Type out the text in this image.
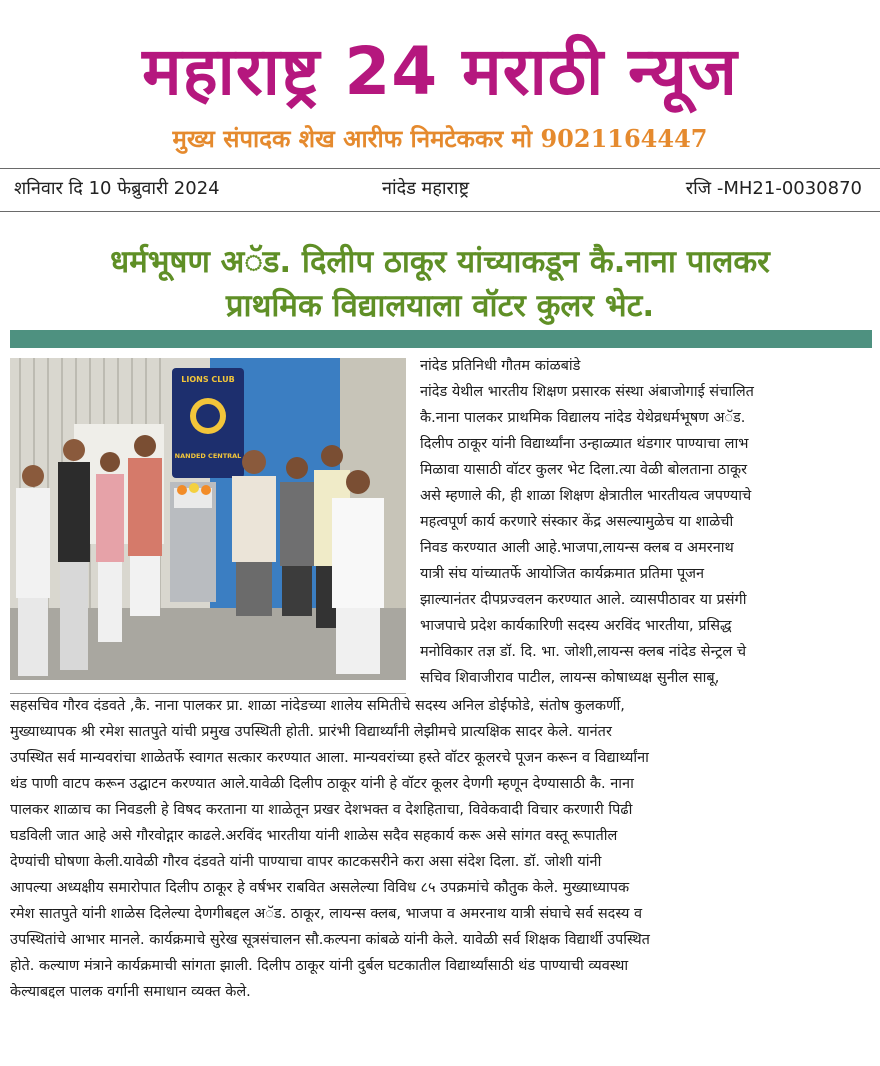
महाराष्ट्र 24 मराठी न्यूज
मुख्य संपादक शेख आरीफ निमटेककर मो 9021164447
शनिवार दि 10 फेब्रुवारी 2024	नांदेड महाराष्ट्र	रजि -MH21-0030870
धर्मभूषण अॅड. दिलीप ठाकूर यांच्याकडून कै.नाना पालकर
प्राथमिक विद्यालयाला वॉटर कुलर भेट.
LIONS CLUB
NANDED CENTRAL
नांदेड प्रतिनिधी गौतम कांळबांडे
नांदेड येथील भारतीय शिक्षण प्रसारक संस्था अंबाजोगाई संचालित
कै.नाना पालकर प्राथमिक विद्यालय नांदेड येथेव्रधर्मभूषण अॅड.
दिलीप ठाकूर यांनी विद्यार्थ्यांना उन्हाळ्यात थंडगार पाण्याचा लाभ
मिळावा यासाठी वॉटर कुलर भेट दिला.त्या वेळी बोलताना ठाकूर
असे म्हणाले की, ही शाळा शिक्षण क्षेत्रातील भारतीयत्व जपण्याचे
महत्वपूर्ण कार्य करणारे संस्कार केंद्र असल्यामुळेच या शाळेची
निवड करण्यात आली आहे.भाजपा,लायन्स क्लब व अमरनाथ
यात्री संघ यांच्यातर्फे आयोजित कार्यक्रमात प्रतिमा पूजन
झाल्यानंतर दीपप्रज्वलन करण्यात आले. व्यासपीठावर या प्रसंगी
भाजपाचे प्रदेश कार्यकारिणी सदस्य अरविंद भारतीया, प्रसिद्ध
मनोविकार तज्ञ डॉ. दि. भा. जोशी,लायन्स क्लब नांदेड सेन्ट्रल चे
सचिव शिवाजीराव पाटील, लायन्स कोषाध्यक्ष सुनील साबू,
सहसचिव गौरव दंडवते ,कै. नाना पालकर प्रा. शाळा नांदेडच्या शालेय समितीचे सदस्य अनिल डोईफोडे, संतोष कुलकर्णी,
मुख्याध्यापक श्री रमेश सातपुते यांची प्रमुख उपस्थिती होती. प्रारंभी विद्यार्थ्यांनी लेझीमचे प्रात्यक्षिक सादर केले. यानंतर
उपस्थित सर्व मान्यवरांचा शाळेतर्फे स्वागत सत्कार करण्यात आला. मान्यवरांच्या हस्ते वॉटर कूलरचे पूजन करून व विद्यार्थ्यांना
थंड पाणी वाटप करून उद्घाटन करण्यात आले.यावेळी दिलीप ठाकूर यांनी हे वॉटर कूलर देणगी म्हणून देण्यासाठी कै. नाना
पालकर शाळाच का निवडली हे विषद करताना या शाळेतून प्रखर देशभक्त व देशहिताचा, विवेकवादी विचार करणारी पिढी
घडविली जात आहे असे गौरवोद्गार काढले.अरविंद भारतीया यांनी शाळेस सदैव सहकार्य करू असे सांगत वस्तू रूपातील
देण्यांची घोषणा केली.यावेळी गौरव दंडवते यांनी पाण्याचा वापर काटकसरीने करा असा संदेश दिला. डॉ. जोशी यांनी
आपल्या अध्यक्षीय समारोपात दिलीप ठाकूर हे वर्षभर राबवित असलेल्या विविध ८५ उपक्रमांचे कौतुक केले. मुख्याध्यापक
रमेश सातपुते यांनी शाळेस दिलेल्या देणगीबद्दल अॅड. ठाकूर, लायन्स क्लब, भाजपा व अमरनाथ यात्री संघाचे सर्व सदस्य व
उपस्थितांचे आभार मानले. कार्यक्रमाचे सुरेख सूत्रसंचालन सौ.कल्पना कांबळे यांनी केले. यावेळी सर्व शिक्षक विद्यार्थी उपस्थित
होते. कल्याण मंत्राने कार्यक्रमाची सांगता झाली. दिलीप ठाकूर यांनी दुर्बल घटकातील विद्यार्थ्यांसाठी थंड पाण्याची व्यवस्था
केल्याबद्दल पालक वर्गानी समाधान व्यक्त केले.
